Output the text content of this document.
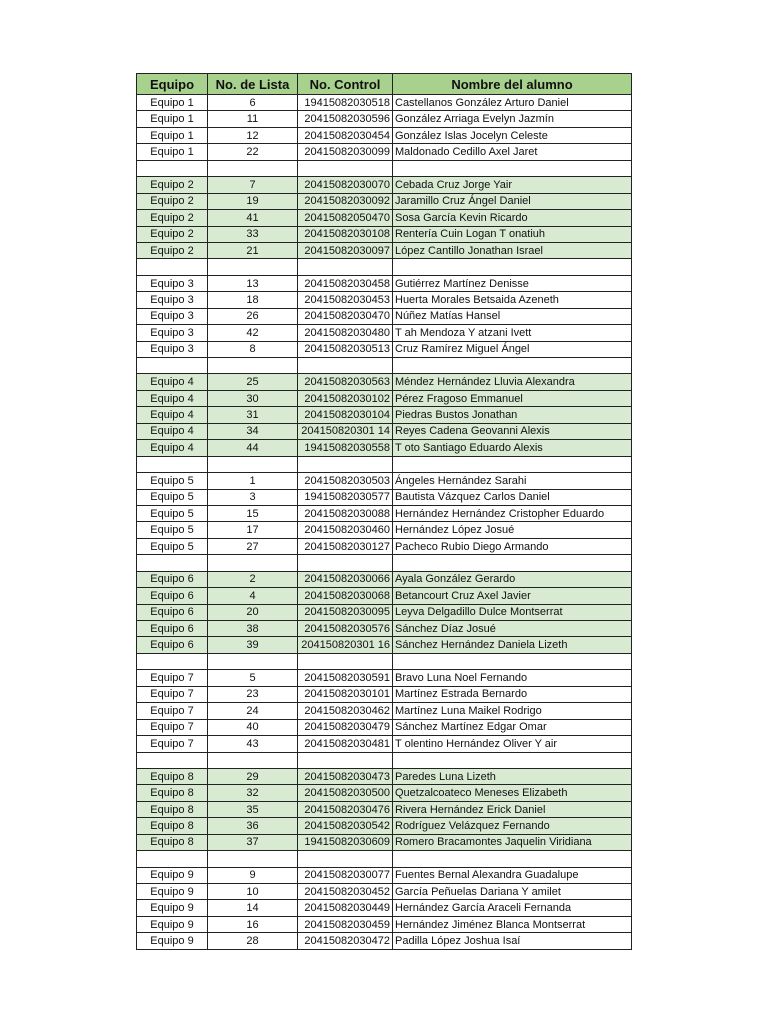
Equipo	No. de Lista	No. Control	Nombre del alumno
Equipo 1	6	19415082030518	Castellanos González Arturo Daniel
Equipo 1	11	20415082030596	González Arriaga Evelyn Jazmín
Equipo 1	12	20415082030454	González Islas Jocelyn Celeste
Equipo 1	22	20415082030099	Maldonado Cedillo Axel Jaret

Equipo 2	7	20415082030070	Cebada Cruz Jorge Yair
Equipo 2	19	20415082030092	Jaramillo Cruz Ángel Daniel
Equipo 2	41	20415082050470	Sosa García Kevin Ricardo
Equipo 2	33	20415082030108	Rentería Cuin Logan T onatiuh
Equipo 2	21	20415082030097	López Cantillo Jonathan Israel

Equipo 3	13	20415082030458	Gutiérrez Martínez Denisse
Equipo 3	18	20415082030453	Huerta Morales Betsaida Azeneth
Equipo 3	26	20415082030470	Núñez Matías Hansel
Equipo 3	42	20415082030480	T ah Mendoza Y atzani Ivett
Equipo 3	8	20415082030513	Cruz Ramírez Miguel Ángel

Equipo 4	25	20415082030563	Méndez Hernández Lluvia Alexandra
Equipo 4	30	20415082030102	Pérez Fragoso Emmanuel
Equipo 4	31	20415082030104	Piedras Bustos Jonathan
Equipo 4	34	204150820301 14	Reyes Cadena Geovanni Alexis
Equipo 4	44	19415082030558	T oto Santiago Eduardo Alexis

Equipo 5	1	20415082030503	Ángeles Hernández Sarahi
Equipo 5	3	19415082030577	Bautista Vázquez Carlos Daniel
Equipo 5	15	20415082030088	Hernández Hernández Cristopher Eduardo
Equipo 5	17	20415082030460	Hernández López Josué
Equipo 5	27	20415082030127	Pacheco Rubio Diego Armando

Equipo 6	2	20415082030066	Ayala González Gerardo
Equipo 6	4	20415082030068	Betancourt Cruz Axel Javier
Equipo 6	20	20415082030095	Leyva Delgadillo Dulce Montserrat
Equipo 6	38	20415082030576	Sánchez Díaz Josué
Equipo 6	39	204150820301 16	Sánchez Hernández Daniela Lizeth

Equipo 7	5	20415082030591	Bravo Luna Noel Fernando
Equipo 7	23	20415082030101	Martínez Estrada Bernardo
Equipo 7	24	20415082030462	Martínez Luna Maikel Rodrigo
Equipo 7	40	20415082030479	Sánchez Martínez Edgar Omar
Equipo 7	43	20415082030481	T olentino Hernández Oliver Y air

Equipo 8	29	20415082030473	Paredes Luna Lizeth
Equipo 8	32	20415082030500	Quetzalcoateco Meneses Elizabeth
Equipo 8	35	20415082030476	Rivera Hernández Erick Daniel
Equipo 8	36	20415082030542	Rodríguez Velázquez Fernando
Equipo 8	37	19415082030609	Romero Bracamontes Jaquelin Viridiana

Equipo 9	9	20415082030077	Fuentes Bernal Alexandra Guadalupe
Equipo 9	10	20415082030452	García Peñuelas Dariana Y amilet
Equipo 9	14	20415082030449	Hernández García Araceli Fernanda
Equipo 9	16	20415082030459	Hernández Jiménez Blanca Montserrat
Equipo 9	28	20415082030472	Padilla López Joshua Isaí
